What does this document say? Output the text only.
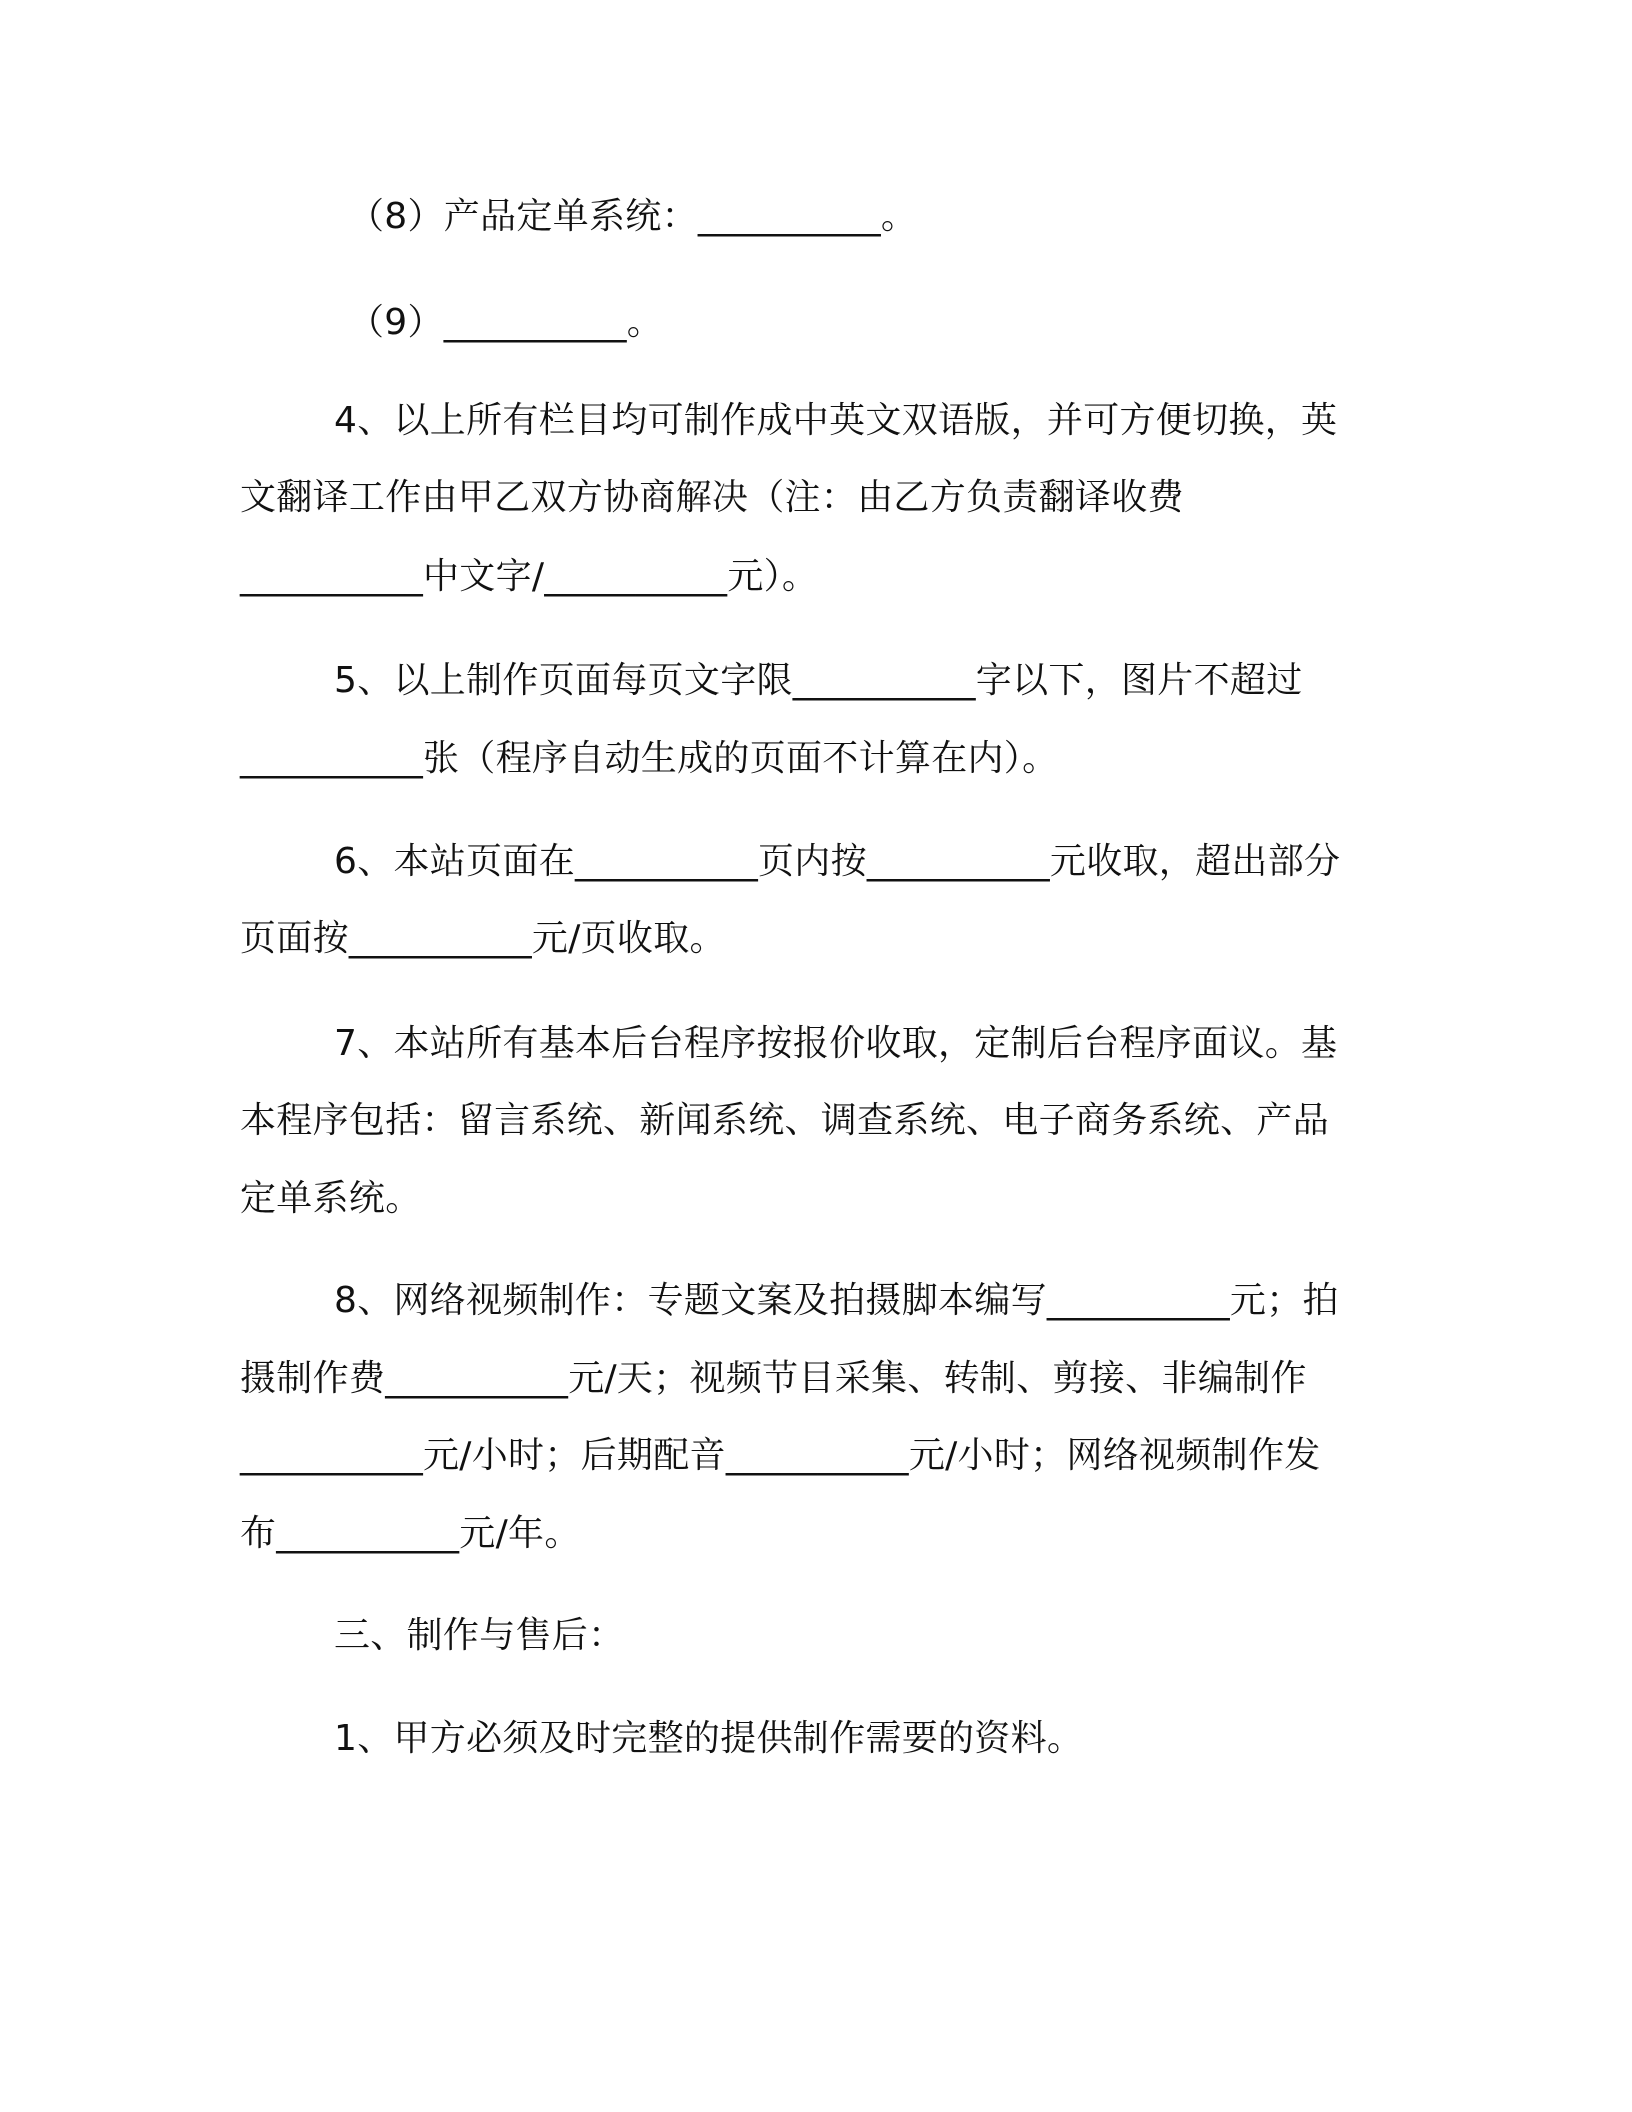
（8）产品定单系统：__________。

（9）__________。

4、以上所有栏目均可制作成中英文双语版，并可方便切换，英

文翻译工作由甲乙双方协商解决（注：由乙方负责翻译收费

__________中文字/__________元）。

5、以上制作页面每页文字限__________字以下，图片不超过

__________张（程序自动生成的页面不计算在内）。

6、本站页面在__________页内按__________元收取，超出部分

页面按__________元/页收取。

7、本站所有基本后台程序按报价收取，定制后台程序面议。基

本程序包括：留言系统、新闻系统、调查系统、电子商务系统、产品

定单系统。

8、网络视频制作：专题文案及拍摄脚本编写__________元；拍

摄制作费__________元/天；视频节目采集、转制、剪接、非编制作

__________元/小时；后期配音__________元/小时；网络视频制作发

布__________元/年。

三、制作与售后：

1、甲方必须及时完整的提供制作需要的资料。
